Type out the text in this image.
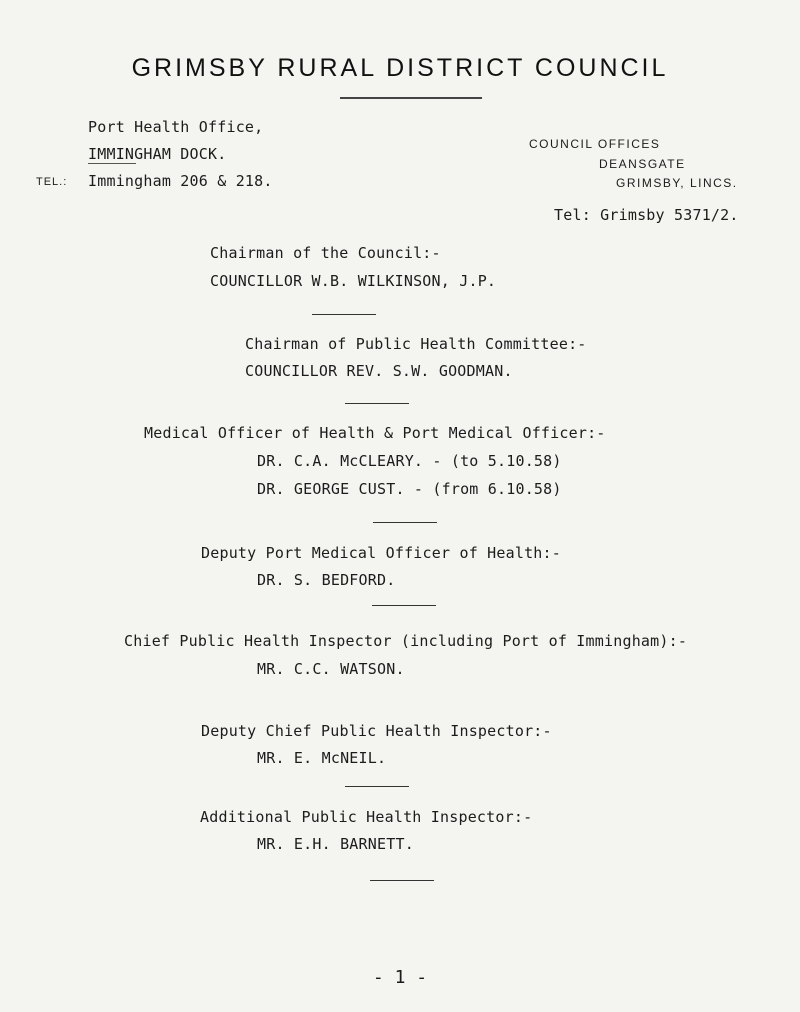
GRIMSBY RURAL DISTRICT COUNCIL
Port Health Office,
IMMINGHAM DOCK.
TEL.: Immingham 206 & 218.
COUNCIL OFFICES
DEANSGATE
GRIMSBY, LINCS.
Tel: Grimsby 5371/2.
Chairman of the Council:-
COUNCILLOR W.B. WILKINSON, J.P.
Chairman of Public Health Committee:-
COUNCILLOR REV. S.W. GOODMAN.
Medical Officer of Health & Port Medical Officer:-
DR. C.A. McCLEARY. - (to 5.10.58)
DR. GEORGE CUST. - (from 6.10.58)
Deputy Port Medical Officer of Health:-
DR. S. BEDFORD.
Chief Public Health Inspector (including Port of Immingham):-
MR. C.C. WATSON.
Deputy Chief Public Health Inspector:-
MR. E. McNEIL.
Additional Public Health Inspector:-
MR. E.H. BARNETT.
- 1 -
